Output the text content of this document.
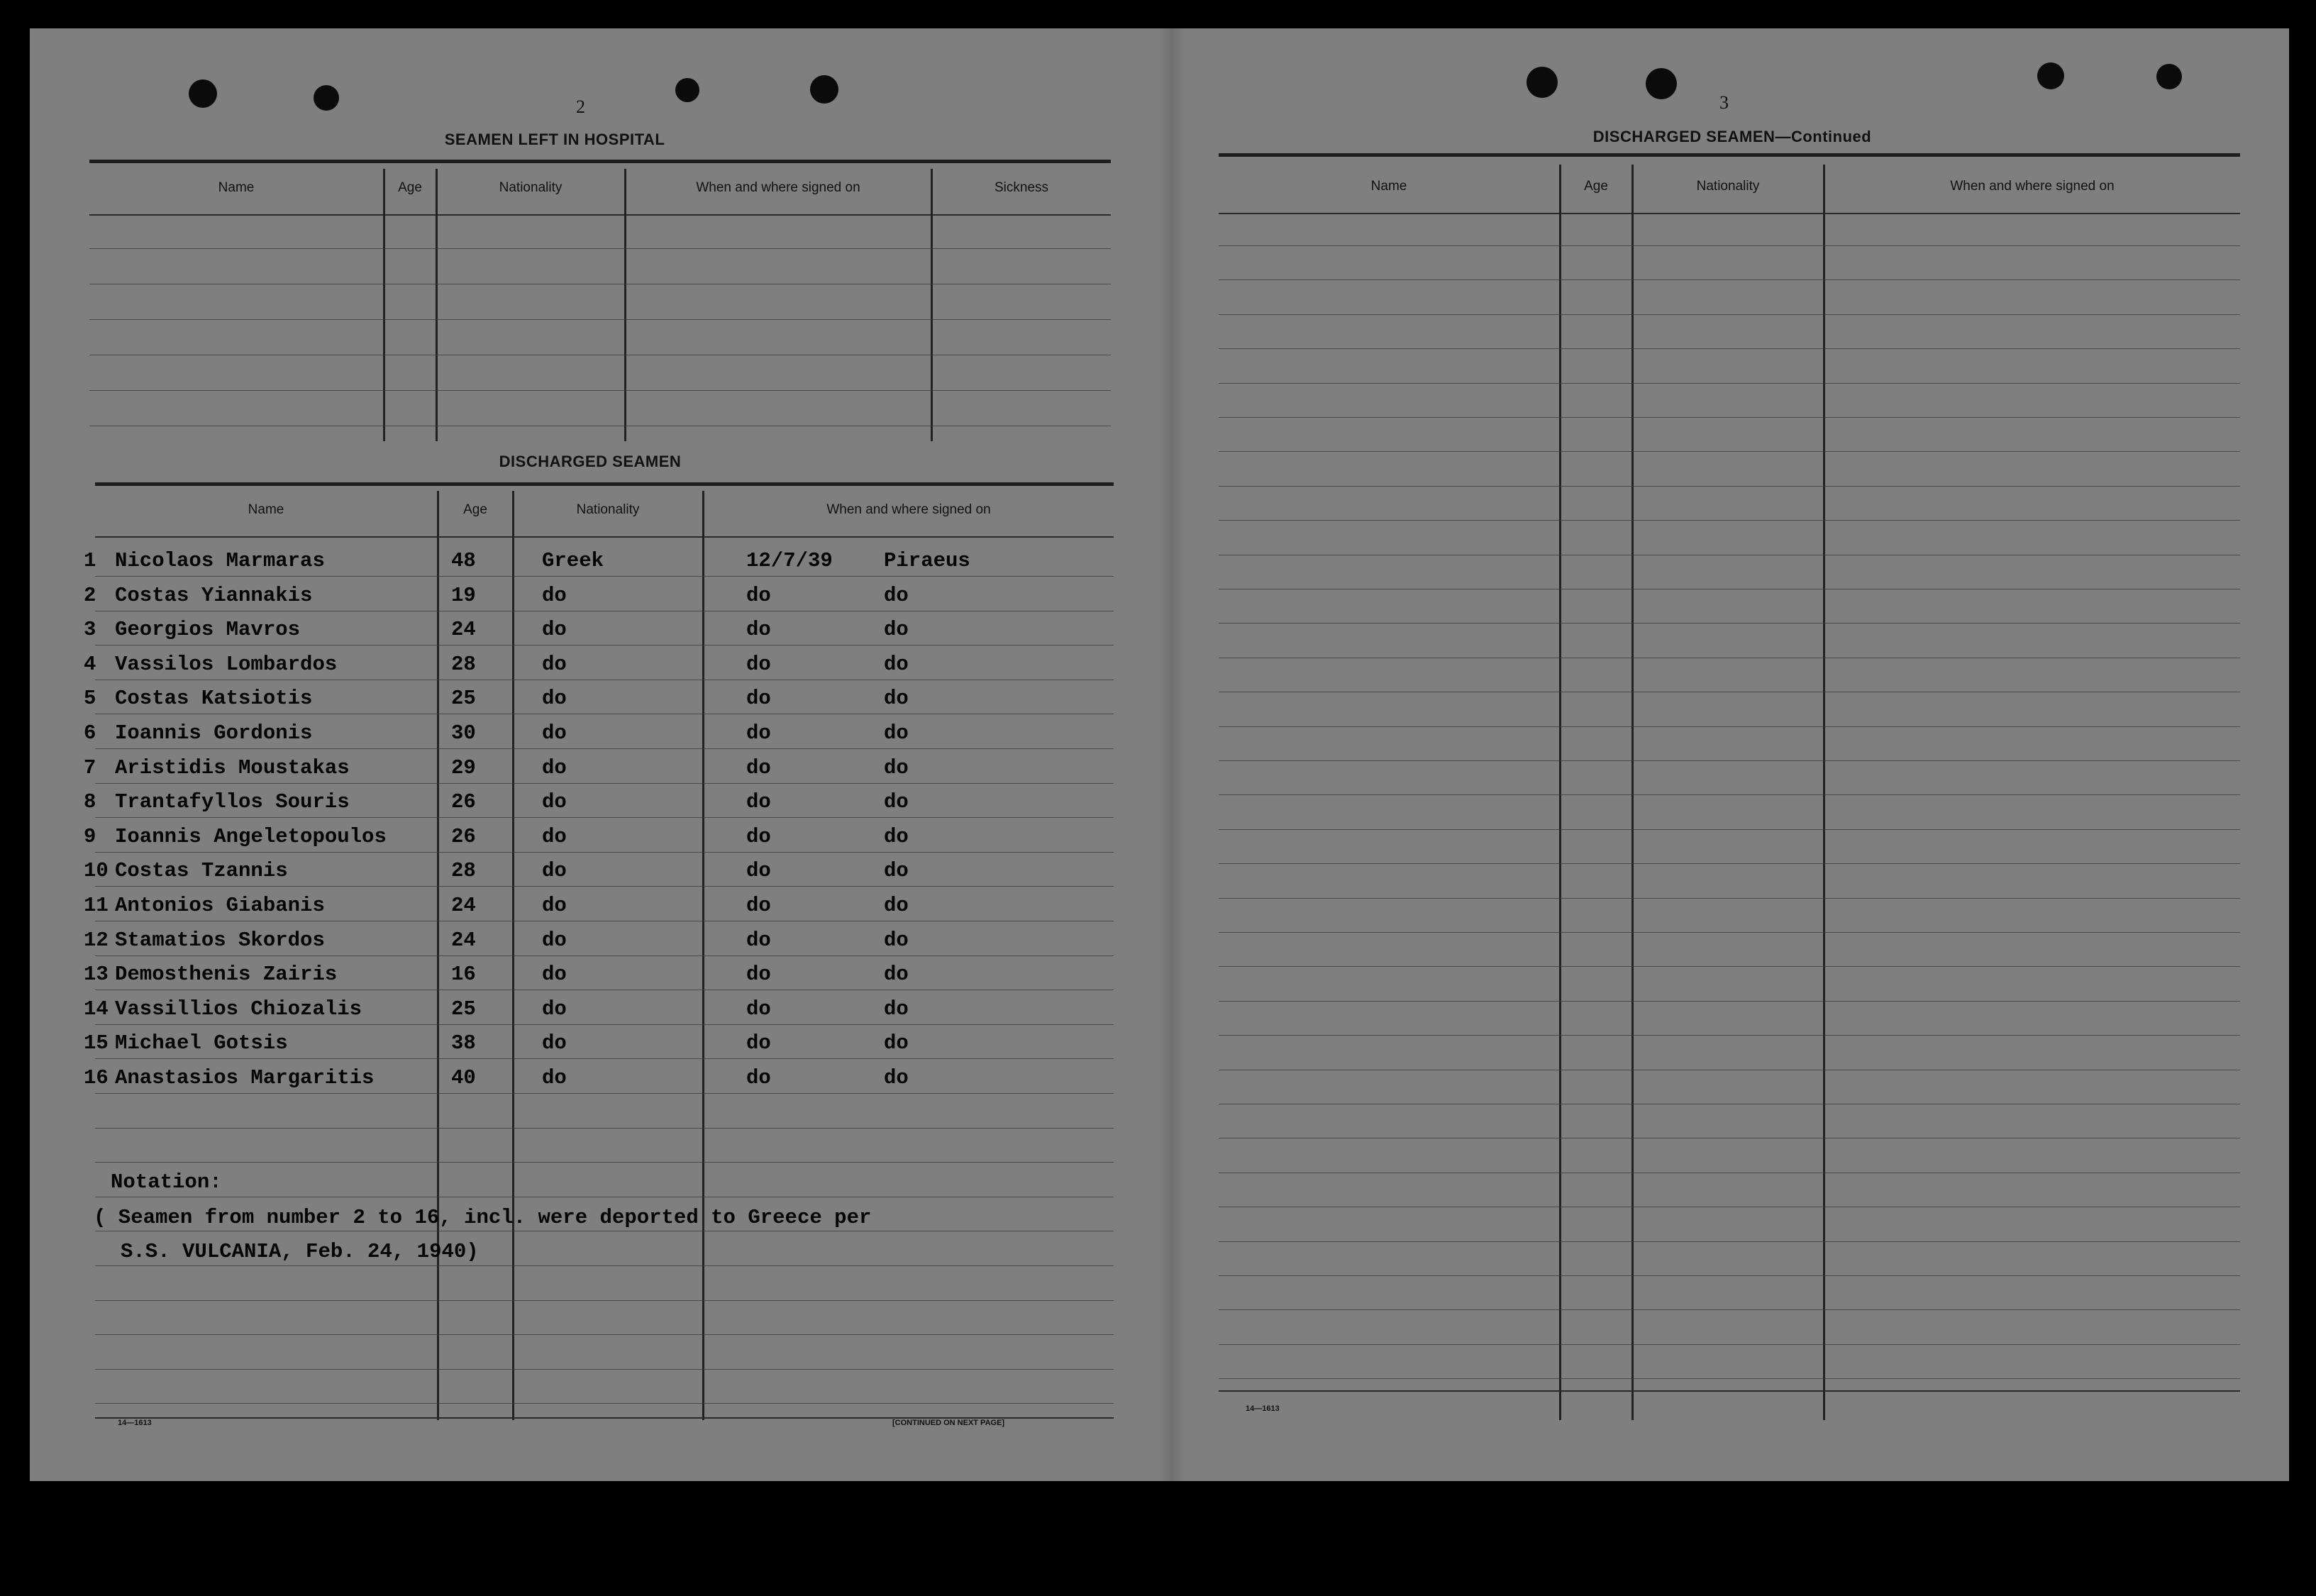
2
SEAMEN LEFT IN HOSPITAL
Name	Age	Nationality	When and where signed on	Sickness
DISCHARGED SEAMEN
Name	Age	Nationality	When and where signed on
1 Nicolaos Marmaras	48	Greek	12/7/39 Piraeus
2 Costas Yiannakis	19	do	do	do
3 Georgios Mavros	24	do	do	do
4 Vassilos Lombardos	28	do	do	do
5 Costas Katsiotis	25	do	do	do
6 Ioannis Gordonis	30	do	do	do
7 Aristidis Moustakas	29	do	do	do
8 Trantafyllos Souris	26	do	do	do
9 Ioannis Angeletopoulos	26	do	do	do
10 Costas Tzannis	28	do	do	do
11 Antonios Giabanis	24	do	do	do
12 Stamatios Skordos	24	do	do	do
13 Demosthenis Zairis	16	do	do	do
14 Vassillios Chiozalis	25	do	do	do
15 Michael Gotsis	38	do	do	do
16 Anastasios Margaritis	40	do	do	do
Notation:
( Seamen from number 2 to 16, incl. were deported to Greece per
S.S. VULCANIA, Feb. 24, 1940)
14—1613	[CONTINUED ON NEXT PAGE]
3
DISCHARGED SEAMEN—Continued
Name	Age	Nationality	When and where signed on
14—1613
